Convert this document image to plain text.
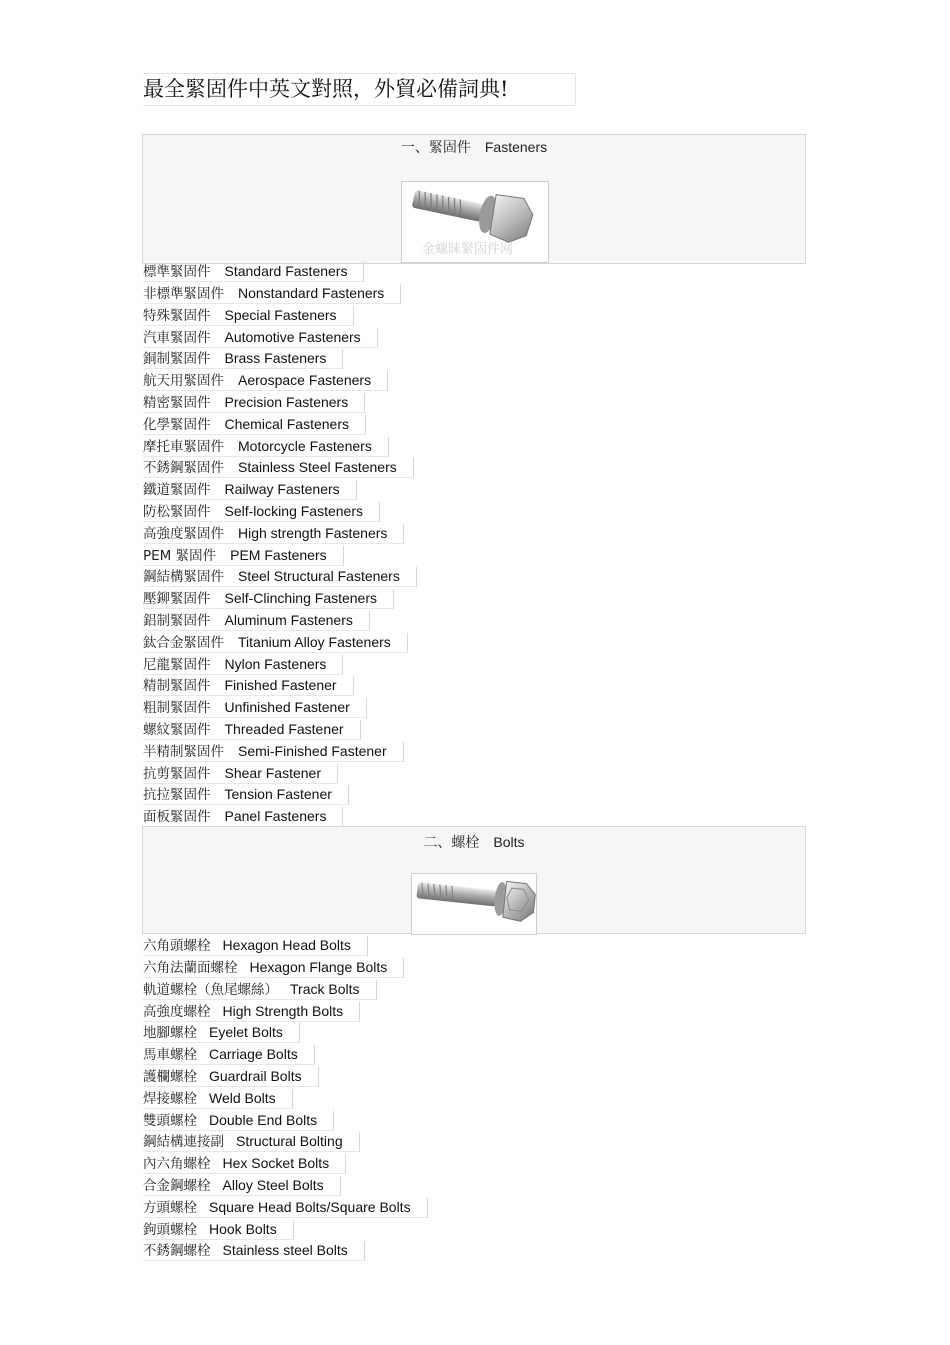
最全緊固件中英文對照，外貿必備詞典!
一、緊固件　Fasteners
金螺昧緊固件网
標準緊固件 Standard Fasteners
非標準緊固件 Nonstandard Fasteners
特殊緊固件 Special Fasteners
汽車緊固件 Automotive Fasteners
銅制緊固件 Brass Fasteners
航天用緊固件 Aerospace Fasteners
精密緊固件 Precision Fasteners
化學緊固件 Chemical Fasteners
摩托車緊固件 Motorcycle Fasteners
不銹鋼緊固件 Stainless Steel Fasteners
鐵道緊固件 Railway Fasteners
防松緊固件 Self-locking Fasteners
高強度緊固件 High strength Fasteners
PEM 緊固件 PEM Fasteners
鋼結構緊固件 Steel Structural Fasteners
壓鉚緊固件 Self-Clinching Fasteners
鋁制緊固件 Aluminum Fasteners
鈦合金緊固件 Titanium Alloy Fasteners
尼龍緊固件 Nylon Fasteners
精制緊固件 Finished Fastener
粗制緊固件 Unfinished Fastener
螺紋緊固件 Threaded Fastener
半精制緊固件 Semi-Finished Fastener
抗剪緊固件 Shear Fastener
抗拉緊固件 Tension Fastener
面板緊固件 Panel Fasteners
二、螺栓　Bolts
六角頭螺栓 Hexagon Head Bolts
六角法蘭面螺栓 Hexagon Flange Bolts
軌道螺栓（魚尾螺絲） Track Bolts
高強度螺栓 High Strength Bolts
地腳螺栓 Eyelet Bolts
馬車螺栓 Carriage Bolts
護欄螺栓 Guardrail Bolts
焊接螺栓 Weld Bolts
雙頭螺栓 Double End Bolts
鋼結構連接副 Structural Bolting
內六角螺栓 Hex Socket Bolts
合金鋼螺栓 Alloy Steel Bolts
方頭螺栓 Square Head Bolts/Square Bolts
鉤頭螺栓 Hook Bolts
不銹鋼螺栓 Stainless steel Bolts
